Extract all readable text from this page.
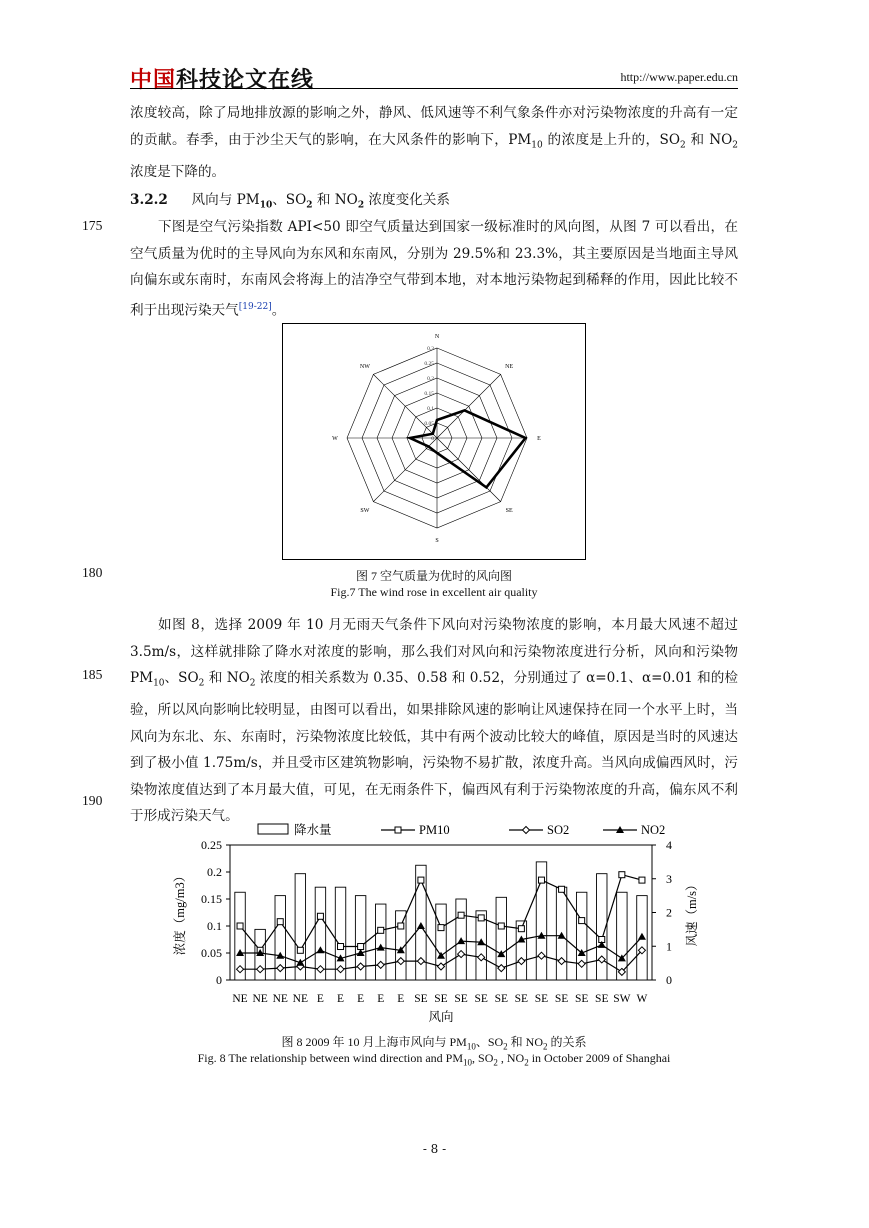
中国科技论文在线	http://www.paper.edu.cn
浓度较高，除了局地排放源的影响之外，静风、低风速等不利气象条件亦对污染物浓度的升高有一定的贡献。春季，由于沙尘天气的影响，在大风条件的影响下，$PM_{10}$ 的浓度是上升的，$SO_2$ 和 $NO_2$ 浓度是下降的。
3.2.2 风向与 $PM_{10}$、$SO_2$ 和 $NO_2$ 浓度变化关系
175
180
185
190
下图是空气污染指数 API<50 即空气质量达到国家一级标准时的风向图，从图 7 可以看出，在空气质量为优时的主导风向为东风和东南风，分别为 29.5%和 23.3%，其主要原因是当地面主导风向偏东或东南时，东南风会将海上的洁净空气带到本地，对本地污染物起到稀释的作用，因此比较不利于出现污染天气[19-22]。
N
NE
E
SE
S
SW
W
NW
0
0.05
0.1
0.15
0.2
0.25
0.3
图 7 空气质量为优时的风向图
Fig.7 The wind rose in excellent air quality
如图 8，选择 2009 年 10 月无雨天气条件下风向对污染物浓度的影响，本月最大风速不超过 3.5m/s，这样就排除了降水对浓度的影响，那么我们对风向和污染物浓度进行分析，风向和污染物 $PM_{10}$、$SO_2$ 和 $NO_2$ 浓度的相关系数为 0.35、0.58 和 0.52，分别通过了 α=0.1、α=0.01 和的检验，所以风向影响比较明显，由图可以看出，如果排除风速的影响让风速保持在同一个水平上时，当风向为东北、东、东南时，污染物浓度比较低，其中有两个波动比较大的峰值，原因是当时的风速达到了极小值 1.75m/s，并且受市区建筑物影响，污染物不易扩散，浓度升高。当风向成偏西风时，污染物浓度值达到了本月最大值，可见，在无雨条件下，偏西风有利于污染物浓度的升高，偏东风不利于形成污染天气。
0
0.05
0.1
0.15
0.2
0.25
0
1
2
3
4
NE NE NE NE E E E E E SE SE SE SE SE SE SE SE SE SE SW W
风向
浓度（mg/m3）	风速（m/s）
降水量	PM10	SO2	NO2
图 8 2009 年 10 月上海市风向与 $PM_{10}$、$SO_2$ 和 $NO_2$ 的关系
Fig. 8 The relationship between wind direction and $PM_{10}$, $SO_2$ , $NO_2$ in October 2009 of Shanghai
- 8 -
